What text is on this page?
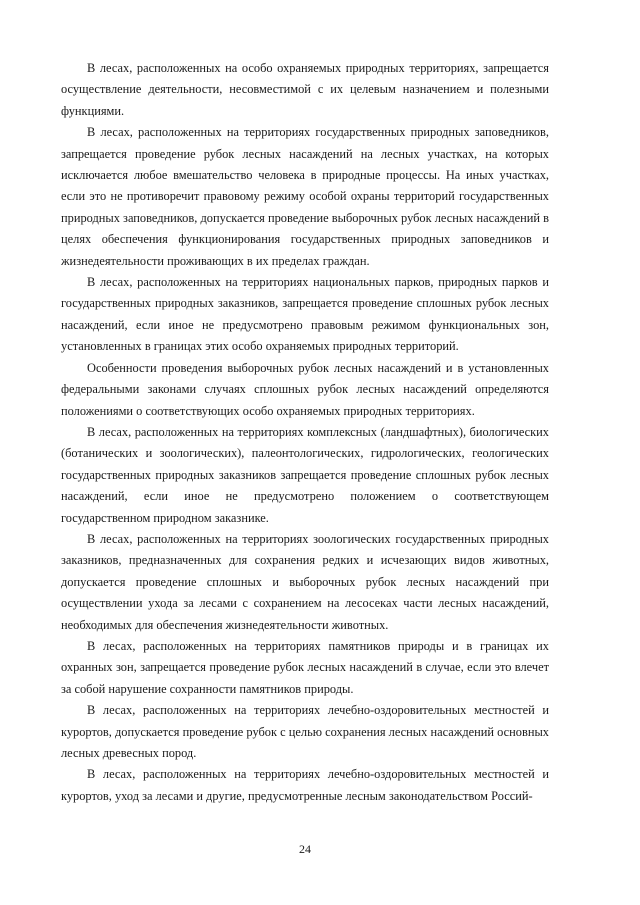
В лесах, расположенных на особо охраняемых природных территориях, запрещается осуществление деятельности, несовместимой с их целевым назначением и полезными функциями.

В лесах, расположенных на территориях государственных природных заповедников, запрещается проведение рубок лесных насаждений на лесных участках, на которых исключается любое вмешательство человека в природные процессы. На иных участках, если это не противоречит правовому режиму особой охраны территорий государственных природных заповедников, допускается проведение выборочных рубок лесных насаждений в целях обеспечения функционирования государственных природных заповедников и жизнедеятельности проживающих в их пределах граждан.

В лесах, расположенных на территориях национальных парков, природных парков и государственных природных заказников, запрещается проведение сплошных рубок лесных насаждений, если иное не предусмотрено правовым режимом функциональных зон, установленных в границах этих особо охраняемых природных территорий.

Особенности проведения выборочных рубок лесных насаждений и в установленных федеральными законами случаях сплошных рубок лесных насаждений определяются положениями о соответствующих особо охраняемых природных территориях.

В лесах, расположенных на территориях комплексных (ландшафтных), биологических (ботанических и зоологических), палеонтологических, гидрологических, геологических государственных природных заказников запрещается проведение сплошных рубок лесных насаждений, если иное не предусмотрено положением о соответствующем государственном природном заказнике.

В лесах, расположенных на территориях зоологических государственных природных заказников, предназначенных для сохранения редких и исчезающих видов животных, допускается проведение сплошных и выборочных рубок лесных насаждений при осуществлении ухода за лесами с сохранением на лесосеках части лесных насаждений, необходимых для обеспечения жизнедеятельности животных.

В лесах, расположенных на территориях памятников природы и в границах их охранных зон, запрещается проведение рубок лесных насаждений в случае, если это влечет за собой нарушение сохранности памятников природы.

В лесах, расположенных на территориях лечебно-оздоровительных местностей и курортов, допускается проведение рубок с целью сохранения лесных насаждений основных лесных древесных пород.

В лесах, расположенных на территориях лечебно-оздоровительных местностей и курортов, уход за лесами и другие, предусмотренные лесным законодательством Россий-

24
